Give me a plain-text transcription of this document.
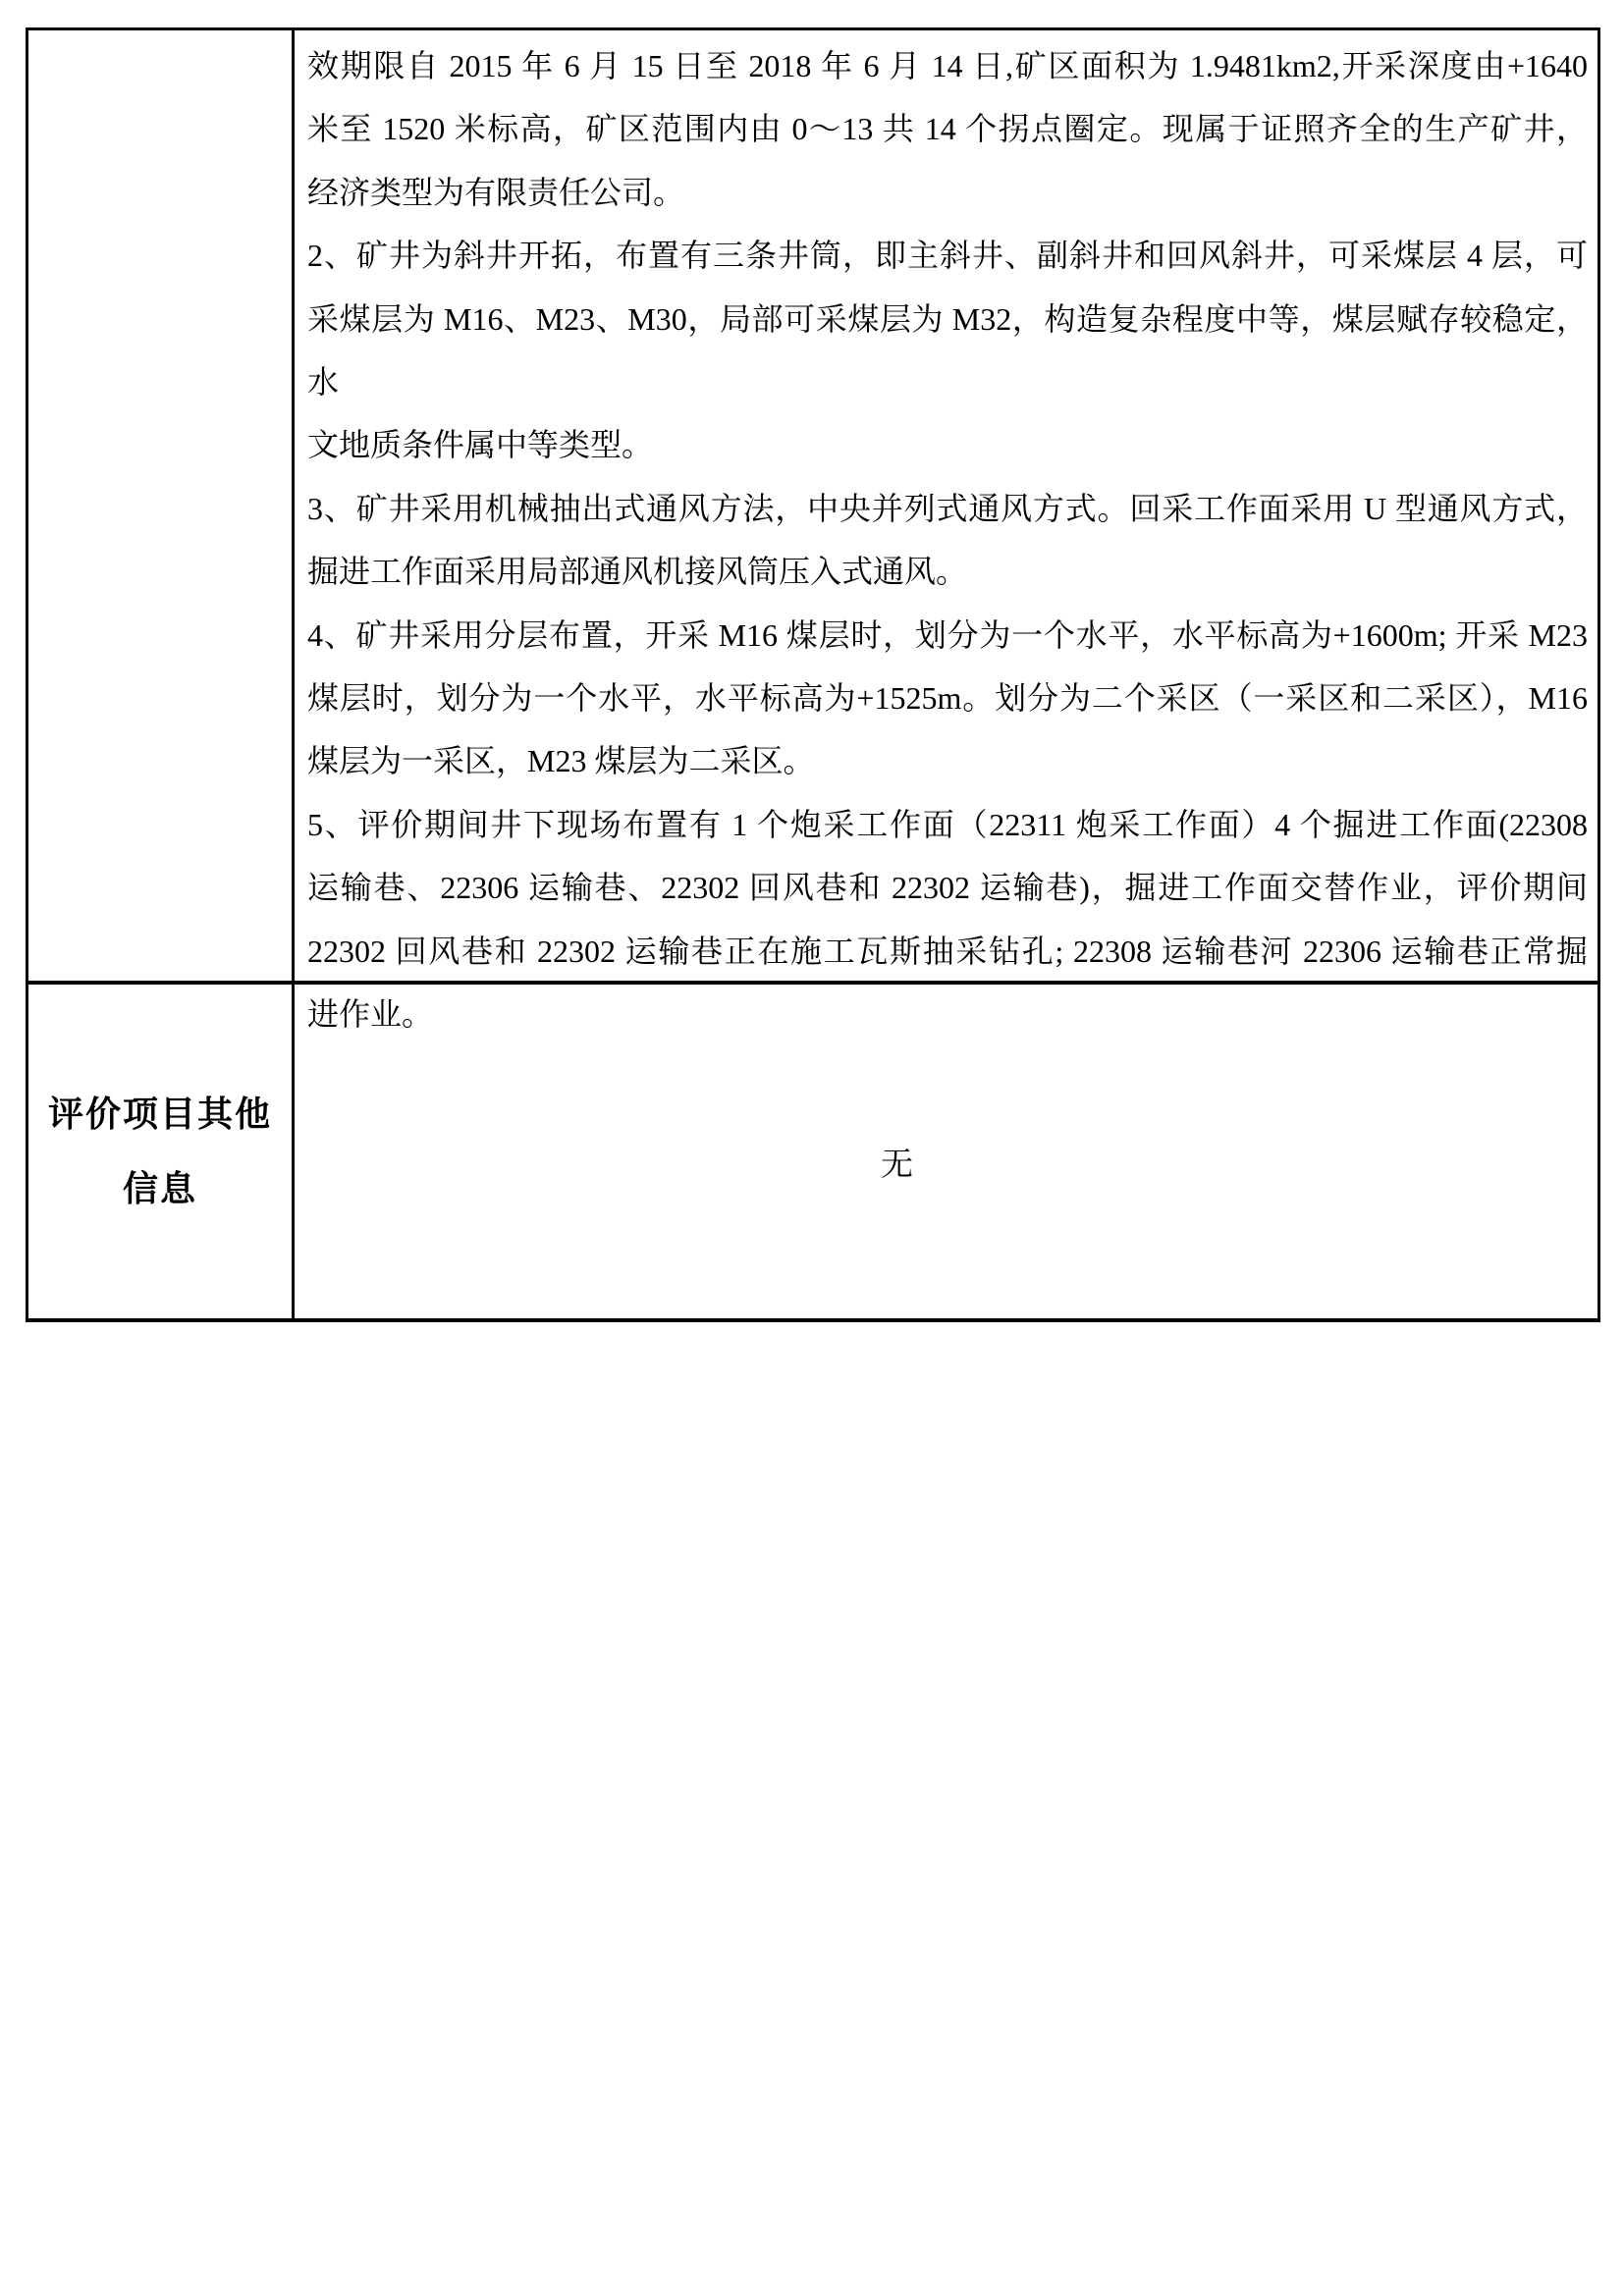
效期限自 2015 年 6 月 15 日至 2018 年 6 月 14 日,矿区面积为 1.9481km2,开采深度由+1640
米至 1520 米标高，矿区范围内由 0～13 共 14 个拐点圈定。现属于证照齐全的生产矿井，
经济类型为有限责任公司。
2、矿井为斜井开拓，布置有三条井筒，即主斜井、副斜井和回风斜井，可采煤层 4 层，可
采煤层为 M16、M23、M30，局部可采煤层为 M32，构造复杂程度中等，煤层赋存较稳定，水
文地质条件属中等类型。
3、矿井采用机械抽出式通风方法，中央并列式通风方式。回采工作面采用 U 型通风方式，
掘进工作面采用局部通风机接风筒压入式通风。
4、矿井采用分层布置，开采 M16 煤层时，划分为一个水平，水平标高为+1600m; 开采 M23
煤层时，划分为一个水平，水平标高为+1525m。划分为二个采区（一采区和二采区），M16
煤层为一采区，M23 煤层为二采区。
5、评价期间井下现场布置有 1 个炮采工作面（22311 炮采工作面）4 个掘进工作面(22308
运输巷、22306 运输巷、22302 回风巷和 22302 运输巷)，掘进工作面交替作业，评价期间
22302 回风巷和 22302 运输巷正在施工瓦斯抽采钻孔; 22308 运输巷河 22306 运输巷正常掘
进作业。
评价项目其他
信息
无
